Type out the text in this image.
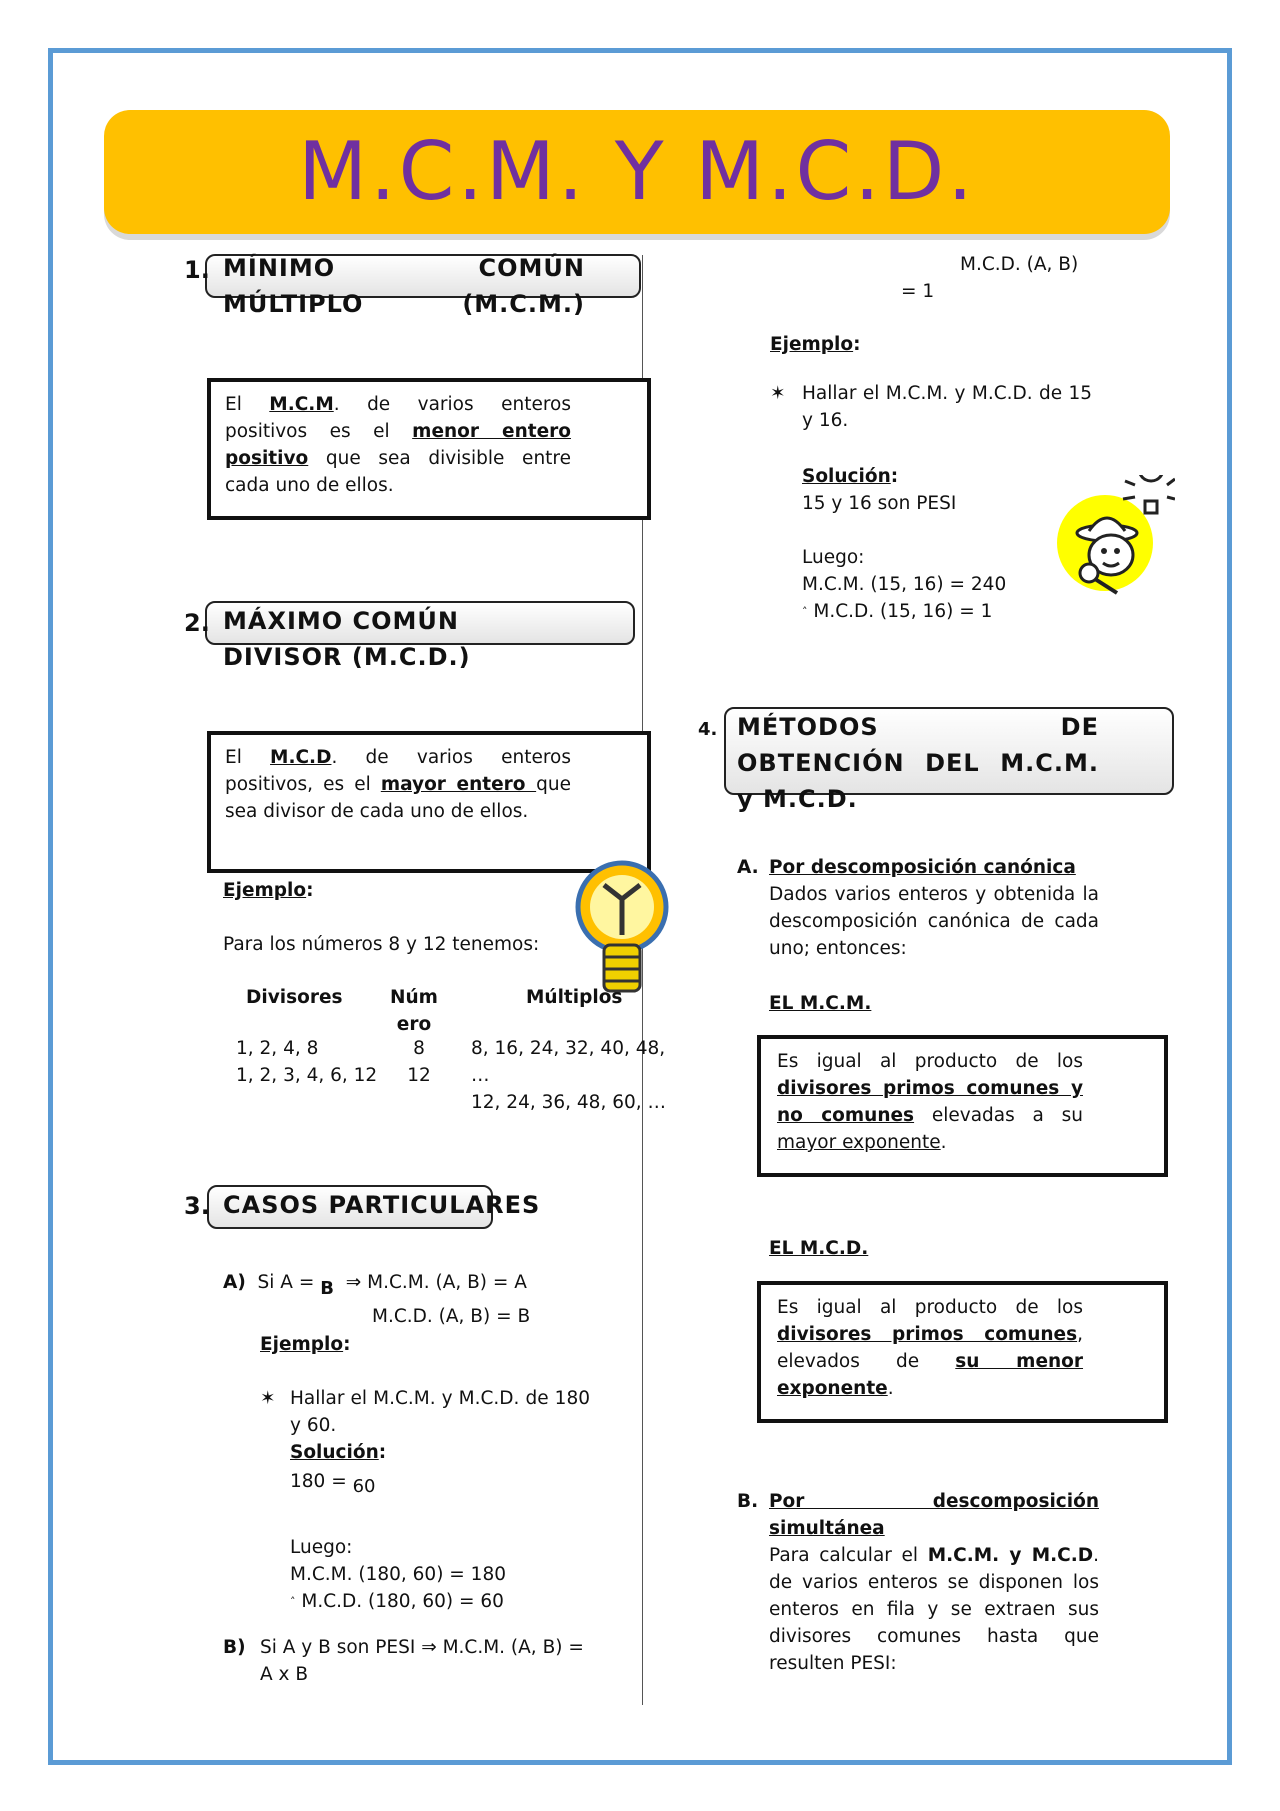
M.C.M. Y M.C.D.
1. MÍNIMO COMÚN MÚLTIPLO (M.C.M.)
El M.C.M. de varios enteros positivos es el menor entero positivo que sea divisible entre cada uno de ellos.
2. MÁXIMO COMÚN DIVISOR (M.C.D.)
El M.C.D. de varios enteros positivos, es el mayor entero que sea divisor de cada uno de ellos.
Ejemplo:
Para los números 8 y 12 tenemos:
Divisores	Número
Múltiplos
1, 2, 4, 8
1, 2, 3, 4, 6, 12
8
12
8, 16, 24, 32, 40, 48, …
12, 24, 36, 48, 60, …
3. CASOS PARTICULARES
A) Si A = B ⇒ M.C.M. (A, B) = A
M.C.D. (A, B) = B
Ejemplo:
✶ Hallar el M.C.M. y M.C.D. de 180 y 60.
Solución:
180 = 60
Luego:
M.C.M. (180, 60) = 180
˄ M.C.D. (180, 60) = 60
B) Si A y B son PESI ⇒ M.C.M. (A, B) = A x B
M.C.D. (A, B)
= 1
Ejemplo:
✶ Hallar el M.C.M. y M.C.D. de 15 y 16.
Solución:
15 y 16 son PESI
Luego:
M.C.M. (15, 16) = 240
˄ M.C.D. (15, 16) = 1
4. MÉTODOS DE OBTENCIÓN DEL M.C.M. y M.C.D.
A. Por descomposición canónica
Dados varios enteros y obtenida la descomposición canónica de cada uno; entonces:
EL M.C.M.
Es igual al producto de los divisores primos comunes y no comunes elevadas a su mayor exponente.
EL M.C.D.
Es igual al producto de los divisores primos comunes, elevados de su menor exponente.
B. Por descomposición simultánea
Para calcular el M.C.M. y M.C.D. de varios enteros se disponen los enteros en fila y se extraen sus divisores comunes hasta que resulten PESI:
